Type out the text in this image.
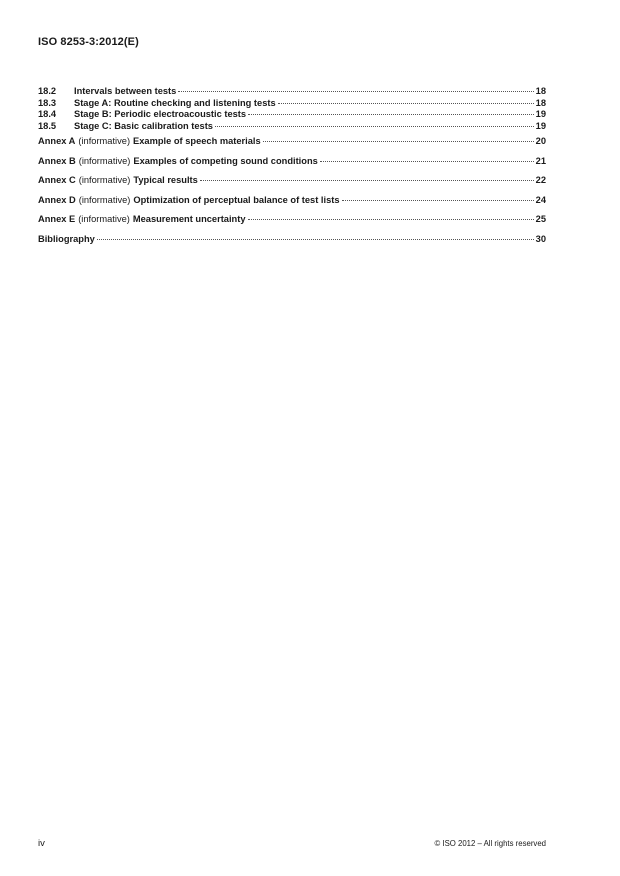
ISO 8253-3:2012(E)
18.2	Intervals between tests	18
18.3	Stage A: Routine checking and listening tests	18
18.4	Stage B: Periodic electroacoustic tests	19
18.5	Stage C: Basic calibration tests	19
Annex A (informative) Example of speech materials	20
Annex B (informative) Examples of competing sound conditions	21
Annex C (informative) Typical results	22
Annex D (informative) Optimization of perceptual balance of test lists	24
Annex E (informative) Measurement uncertainty	25
Bibliography	30
iv	© ISO 2012 – All rights reserved
